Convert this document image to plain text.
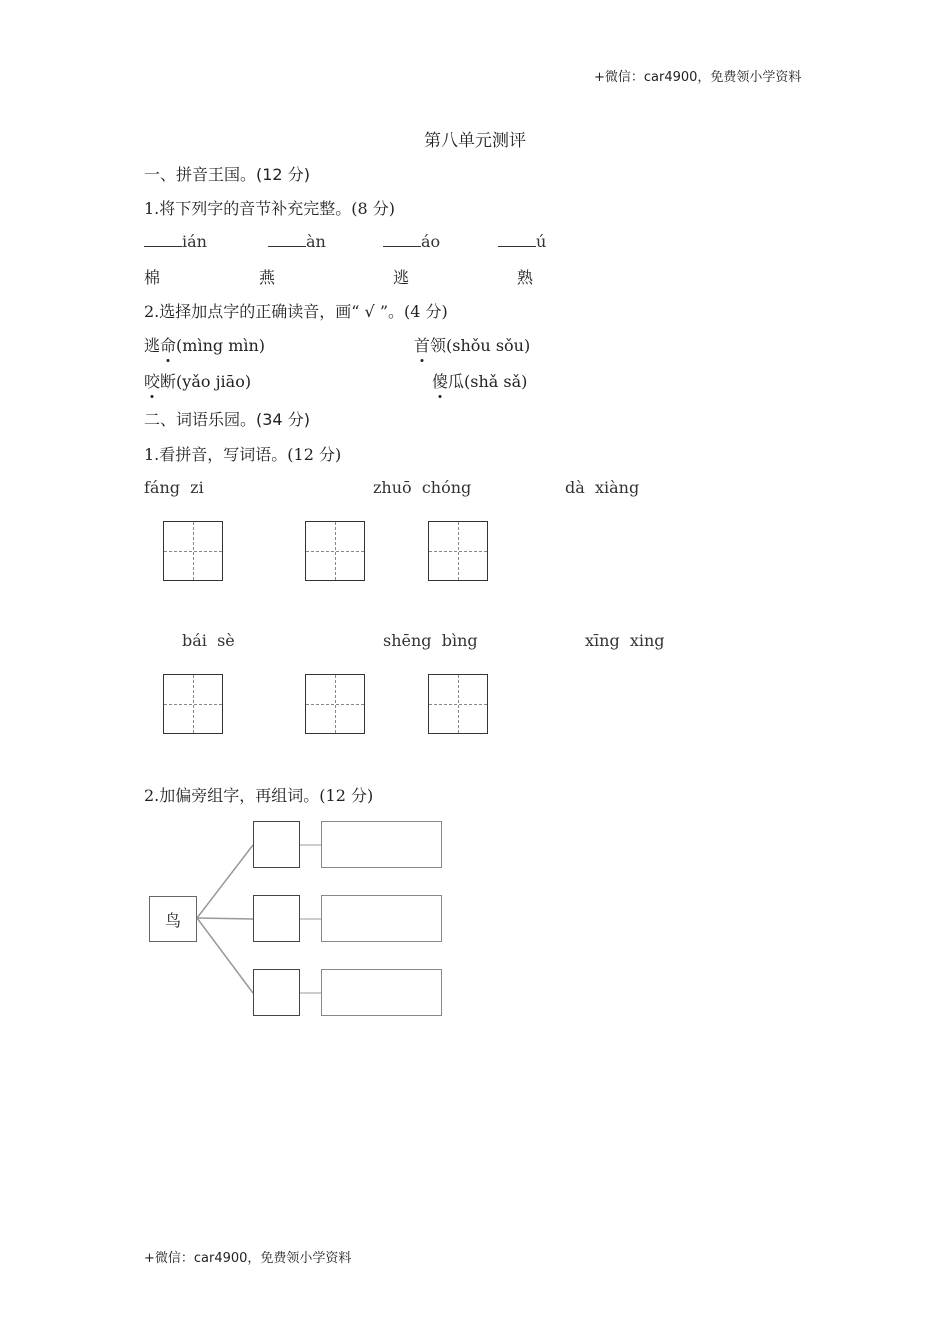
+微信：car4900，免费领小学资料
+微信：car4900，免费领小学资料
第八单元测评
一、拼音王国。(12 分)
1.将下列字的音节补充完整。(8 分)
ián	àn	áo	ú
棉	燕	逃	熟
2.选择加点字的正确读音，画“ √ ”。(4 分)
逃命(mìng mìn)	首领(shǒu sǒu)
咬断(yǎo jiāo)	傻瓜(shǎ sǎ)
二、词语乐园。(34 分)
1.看拼音，写词语。(12 分)
fáng  zi	zhuō  chóng	dà  xiàng
bái  sè	shēng  bìng	xīng  xing
2.加偏旁组字，再组词。(12 分)
鸟
